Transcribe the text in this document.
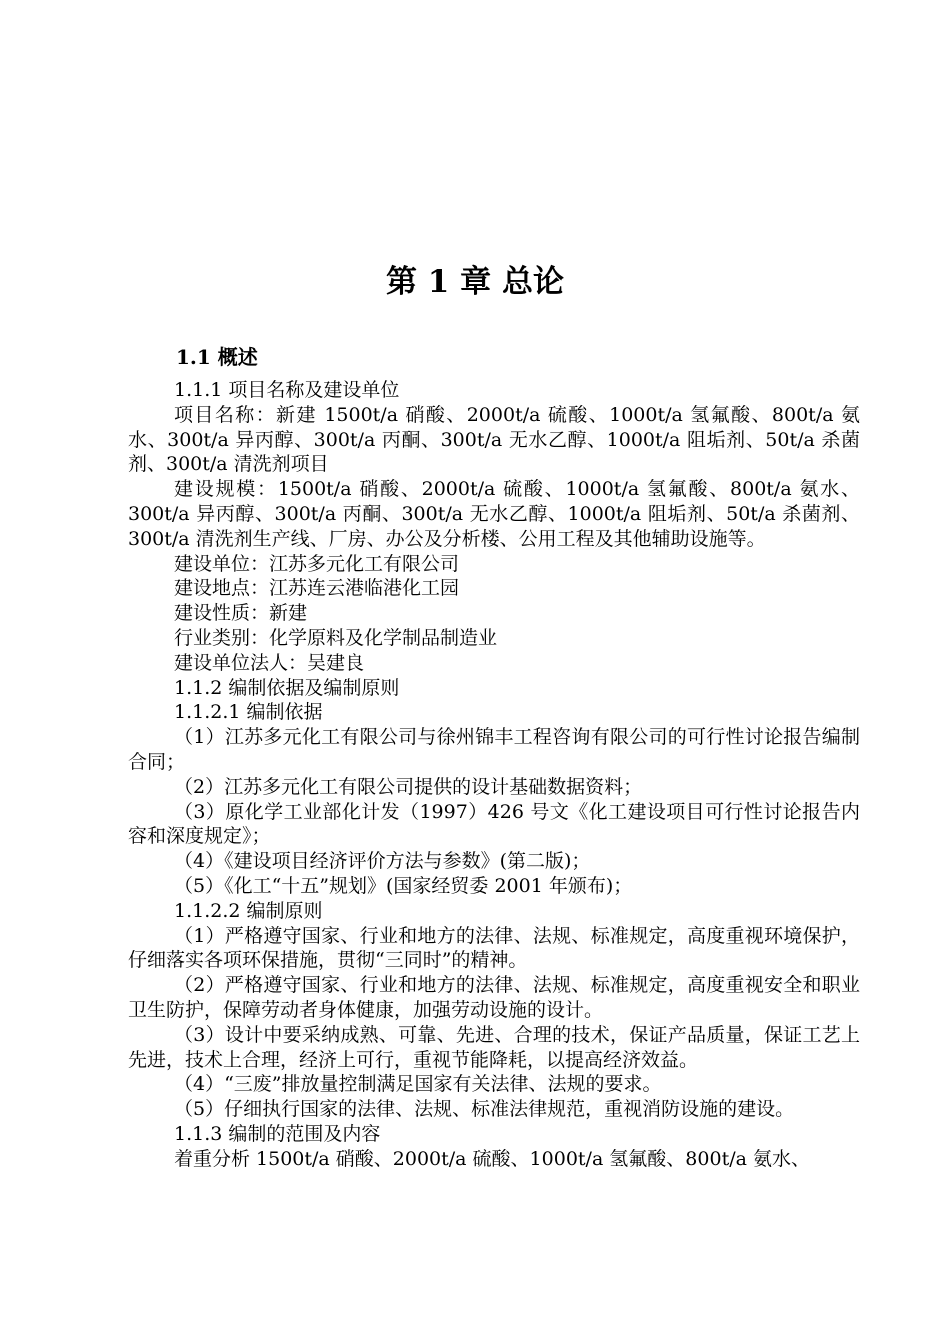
第 1 章 总论
1.1 概述

1.1.1 项目名称及建设单位

项目名称：新建 1500t/a 硝酸、2000t/a 硫酸、1000t/a 氢氟酸、800t/a 氨水、300t/a 异丙醇、300t/a 丙酮、300t/a 无水乙醇、1000t/a 阻垢剂、50t/a 杀菌剂、300t/a 清洗剂项目

建设规模：1500t/a 硝酸、2000t/a 硫酸、1000t/a 氢氟酸、800t/a 氨水、300t/a 异丙醇、300t/a 丙酮、300t/a 无水乙醇、1000t/a 阻垢剂、50t/a 杀菌剂、300t/a 清洗剂生产线、厂房、办公及分析楼、公用工程及其他辅助设施等。

建设单位：江苏多元化工有限公司

建设地点：江苏连云港临港化工园

建设性质：新建

行业类别：化学原料及化学制品制造业

建设单位法人：吴建良

1.1.2 编制依据及编制原则

1.1.2.1 编制依据

（1）江苏多元化工有限公司与徐州锦丰工程咨询有限公司的可行性讨论报告编制合同；

（2）江苏多元化工有限公司提供的设计基础数据资料；

（3）原化学工业部化计发（1997）426 号文《化工建设项目可行性讨论报告内容和深度规定》；

（4）《建设项目经济评价方法与参数》(第二版)；

（5）《化工“十五”规划》(国家经贸委 2001 年颁布)；

1.1.2.2 编制原则

（1）严格遵守国家、行业和地方的法律、法规、标准规定，高度重视环境保护，仔细落实各项环保措施，贯彻“三同时”的精神。

（2）严格遵守国家、行业和地方的法律、法规、标准规定，高度重视安全和职业卫生防护，保障劳动者身体健康，加强劳动设施的设计。

（3）设计中要采纳成熟、可靠、先进、合理的技术，保证产品质量，保证工艺上先进，技术上合理，经济上可行，重视节能降耗，以提高经济效益。

（4）“三废”排放量控制满足国家有关法律、法规的要求。

（5）仔细执行国家的法律、法规、标准法律规范，重视消防设施的建设。

1.1.3 编制的范围及内容

着重分析 1500t/a 硝酸、2000t/a 硫酸、1000t/a 氢氟酸、800t/a 氨水、
